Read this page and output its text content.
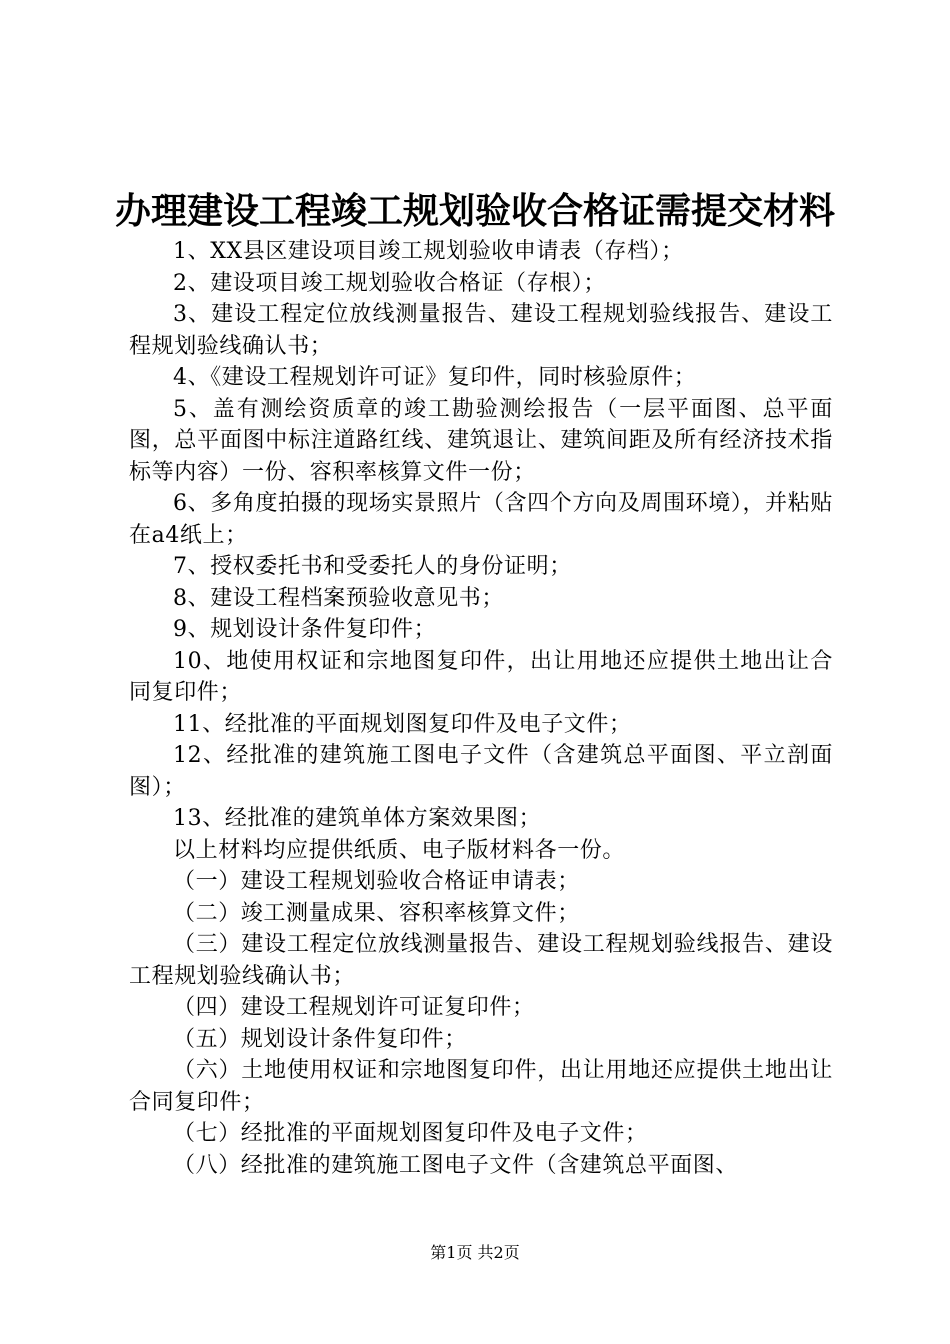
办理建设工程竣工规划验收合格证需提交材料

1、XX县区建设项目竣工规划验收申请表（存档）；

2、建设项目竣工规划验收合格证（存根）；

3、建设工程定位放线测量报告、建设工程规划验线报告、建设工程规划验线确认书；

4、《建设工程规划许可证》复印件，同时核验原件；

5、盖有测绘资质章的竣工勘验测绘报告（一层平面图、总平面图，总平面图中标注道路红线、建筑退让、建筑间距及所有经济技术指标等内容）一份、容积率核算文件一份；

6、多角度拍摄的现场实景照片（含四个方向及周围环境），并粘贴在a4纸上；

7、授权委托书和受委托人的身份证明；

8、建设工程档案预验收意见书；

9、规划设计条件复印件；

10、地使用权证和宗地图复印件，出让用地还应提供土地出让合同复印件；

11、经批准的平面规划图复印件及电子文件；

12、经批准的建筑施工图电子文件（含建筑总平面图、平立剖面图）；

13、经批准的建筑单体方案效果图；

以上材料均应提供纸质、电子版材料各一份。

（一）建设工程规划验收合格证申请表；

（二）竣工测量成果、容积率核算文件；

（三）建设工程定位放线测量报告、建设工程规划验线报告、建设工程规划验线确认书；

（四）建设工程规划许可证复印件；

（五）规划设计条件复印件；

（六）土地使用权证和宗地图复印件，出让用地还应提供土地出让合同复印件；

（七）经批准的平面规划图复印件及电子文件；

（八）经批准的建筑施工图电子文件（含建筑总平面图、

第1页 共2页
